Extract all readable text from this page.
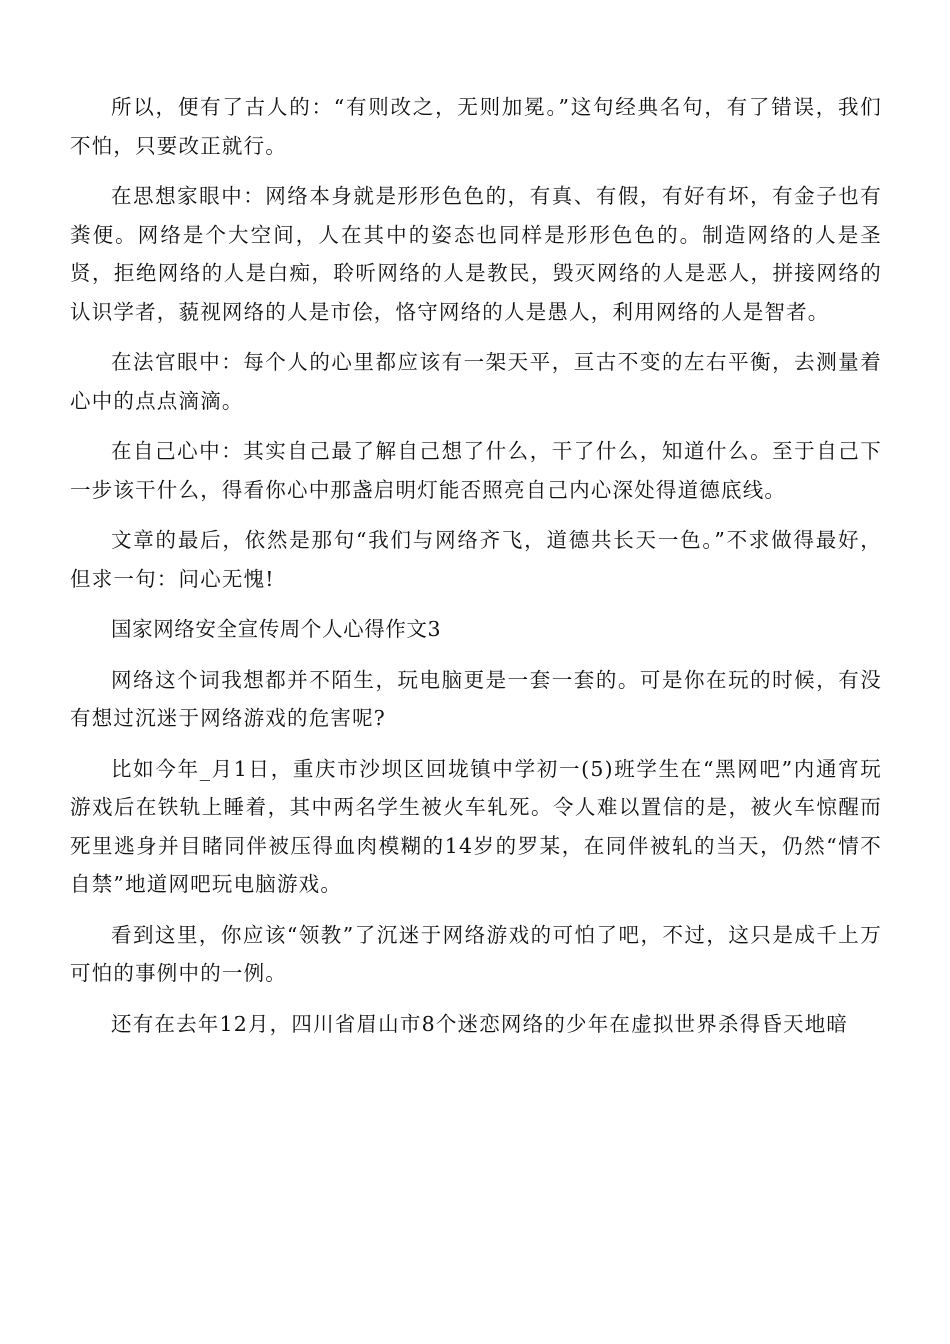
所以，便有了古人的：“有则改之，无则加冕。”这句经典名句，有了错误，我们不怕，只要改正就行。

在思想家眼中：网络本身就是形形色色的，有真、有假，有好有坏，有金子也有粪便。网络是个大空间，人在其中的姿态也同样是形形色色的。制造网络的人是圣贤，拒绝网络的人是白痴，聆听网络的人是教民，毁灭网络的人是恶人，拼接网络的认识学者，藐视网络的人是市侩，恪守网络的人是愚人，利用网络的人是智者。

在法官眼中：每个人的心里都应该有一架天平，亘古不变的左右平衡，去测量着心中的点点滴滴。

在自己心中：其实自己最了解自己想了什么，干了什么，知道什么。至于自己下一步该干什么，得看你心中那盏启明灯能否照亮自己内心深处得道德底线。

文章的最后，依然是那句“我们与网络齐飞，道德共长天一色。”不求做得最好，但求一句：问心无愧!

国家网络安全宣传周个人心得作文3

网络这个词我想都并不陌生，玩电脑更是一套一套的。可是你在玩的时候，有没有想过沉迷于网络游戏的危害呢?

比如今年_月1日，重庆市沙坝区回垅镇中学初一(5)班学生在“黑网吧”内通宵玩游戏后在铁轨上睡着，其中两名学生被火车轧死。令人难以置信的是，被火车惊醒而死里逃身并目睹同伴被压得血肉模糊的14岁的罗某，在同伴被轧的当天，仍然“情不自禁”地道网吧玩电脑游戏。

看到这里，你应该“领教”了沉迷于网络游戏的可怕了吧，不过，这只是成千上万可怕的事例中的一例。

还有在去年12月，四川省眉山市8个迷恋网络的少年在虚拟世界杀得昏天地暗
